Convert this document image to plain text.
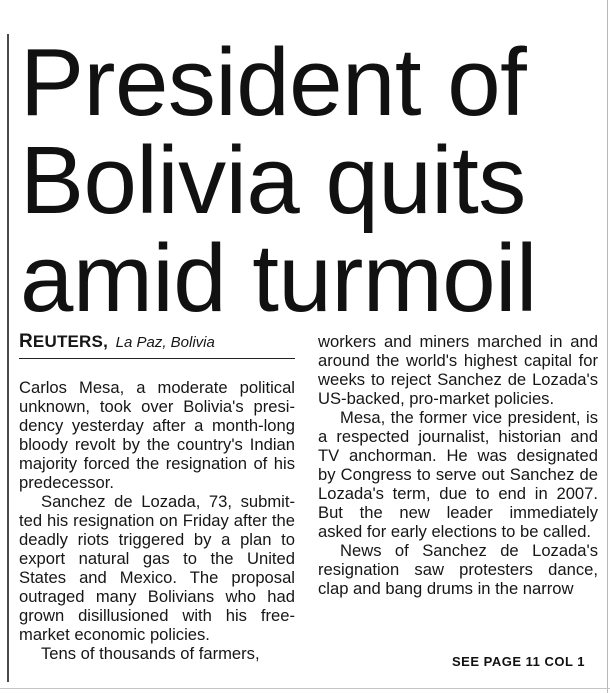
President of
Bolivia quits
amid turmoil
REUTERS, La Paz, Bolivia

Carlos Mesa, a moderate political unknown, took over Bolivia's presidency yesterday after a month-long bloody revolt by the country's Indian majority forced the resignation of his predecessor.

Sanchez de Lozada, 73, submitted his resignation on Friday after the deadly riots triggered by a plan to export natural gas to the United States and Mexico. The proposal outraged many Bolivians who had grown disillusioned with his free-market economic policies.

Tens of thousands of farmers,

workers and miners marched in and around the world's highest capital for weeks to reject Sanchez de Lozada's US-backed, pro-market policies.

Mesa, the former vice president, is a respected journalist, historian and TV anchorman. He was designated by Congress to serve out Sanchez de Lozada's term, due to end in 2007. But the new leader immediately asked for early elections to be called.

News of Sanchez de Lozada's resignation saw protesters dance, clap and bang drums in the narrow

SEE PAGE 11 COL 1
